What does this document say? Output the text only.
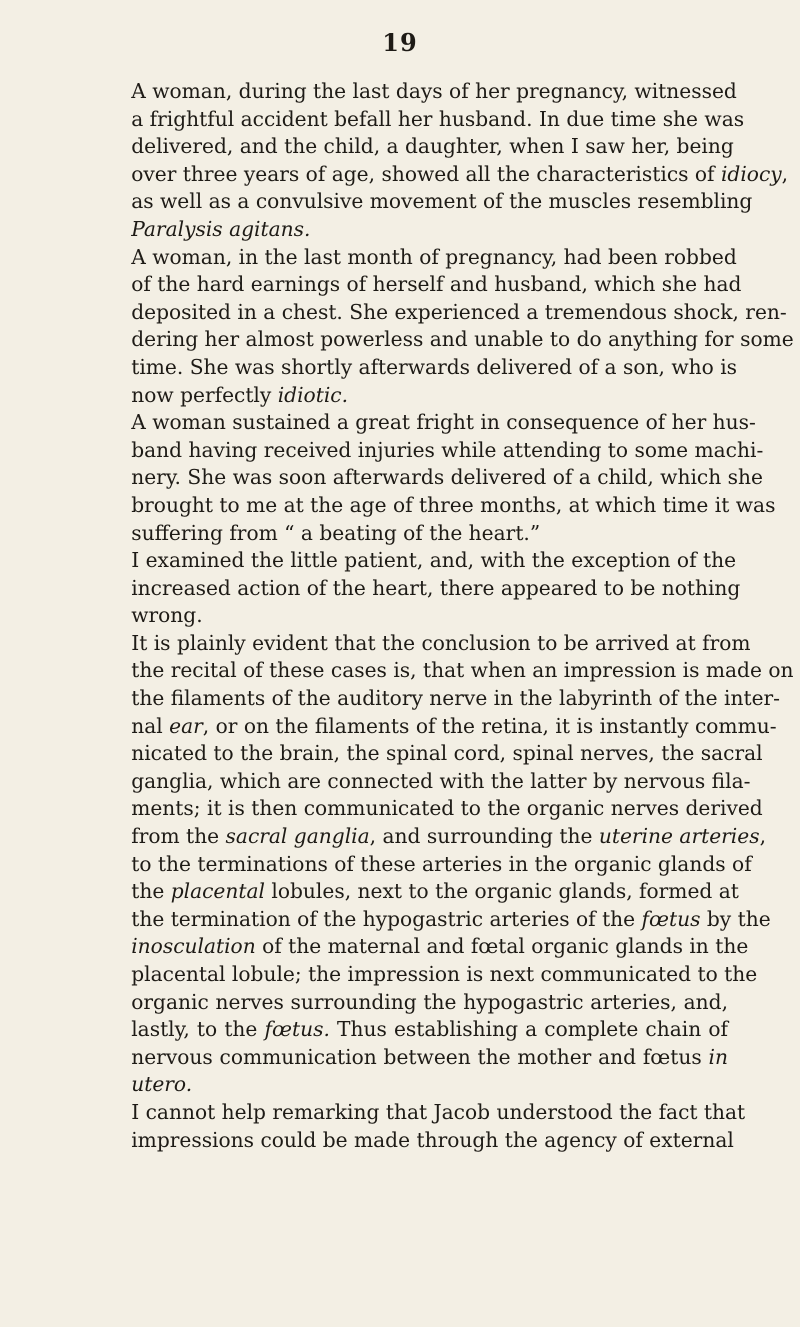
19

A woman, during the last days of her pregnancy, witnessed
a frightful accident befall her husband. In due time she was
delivered, and the child, a daughter, when I saw her, being
over three years of age, showed all the characteristics of idiocy,
as well as a convulsive movement of the muscles resembling
Paralysis agitans.

A woman, in the last month of pregnancy, had been robbed
of the hard earnings of herself and husband, which she had
deposited in a chest. She experienced a tremendous shock, ren-
dering her almost powerless and unable to do anything for some
time. She was shortly afterwards delivered of a son, who is
now perfectly idiotic.

A woman sustained a great fright in consequence of her hus-
band having received injuries while attending to some machi-
nery. She was soon afterwards delivered of a child, which she
brought to me at the age of three months, at which time it was
suffering from “ a beating of the heart.”

I examined the little patient, and, with the exception of the
increased action of the heart, there appeared to be nothing
wrong.

It is plainly evident that the conclusion to be arrived at from
the recital of these cases is, that when an impression is made on
the filaments of the auditory nerve in the labyrinth of the inter-
nal ear, or on the filaments of the retina, it is instantly commu-
nicated to the brain, the spinal cord, spinal nerves, the sacral
ganglia, which are connected with the latter by nervous fila-
ments; it is then communicated to the organic nerves derived
from the sacral ganglia, and surrounding the uterine arteries,
to the terminations of these arteries in the organic glands of
the placental lobules, next to the organic glands, formed at
the termination of the hypogastric arteries of the fœtus by the
inosculation of the maternal and fœtal organic glands in the
placental lobule; the impression is next communicated to the
organic nerves surrounding the hypogastric arteries, and,
lastly, to the fœtus. Thus establishing a complete chain of
nervous communication between the mother and fœtus in
utero.

I cannot help remarking that Jacob understood the fact that
impressions could be made through the agency of external
